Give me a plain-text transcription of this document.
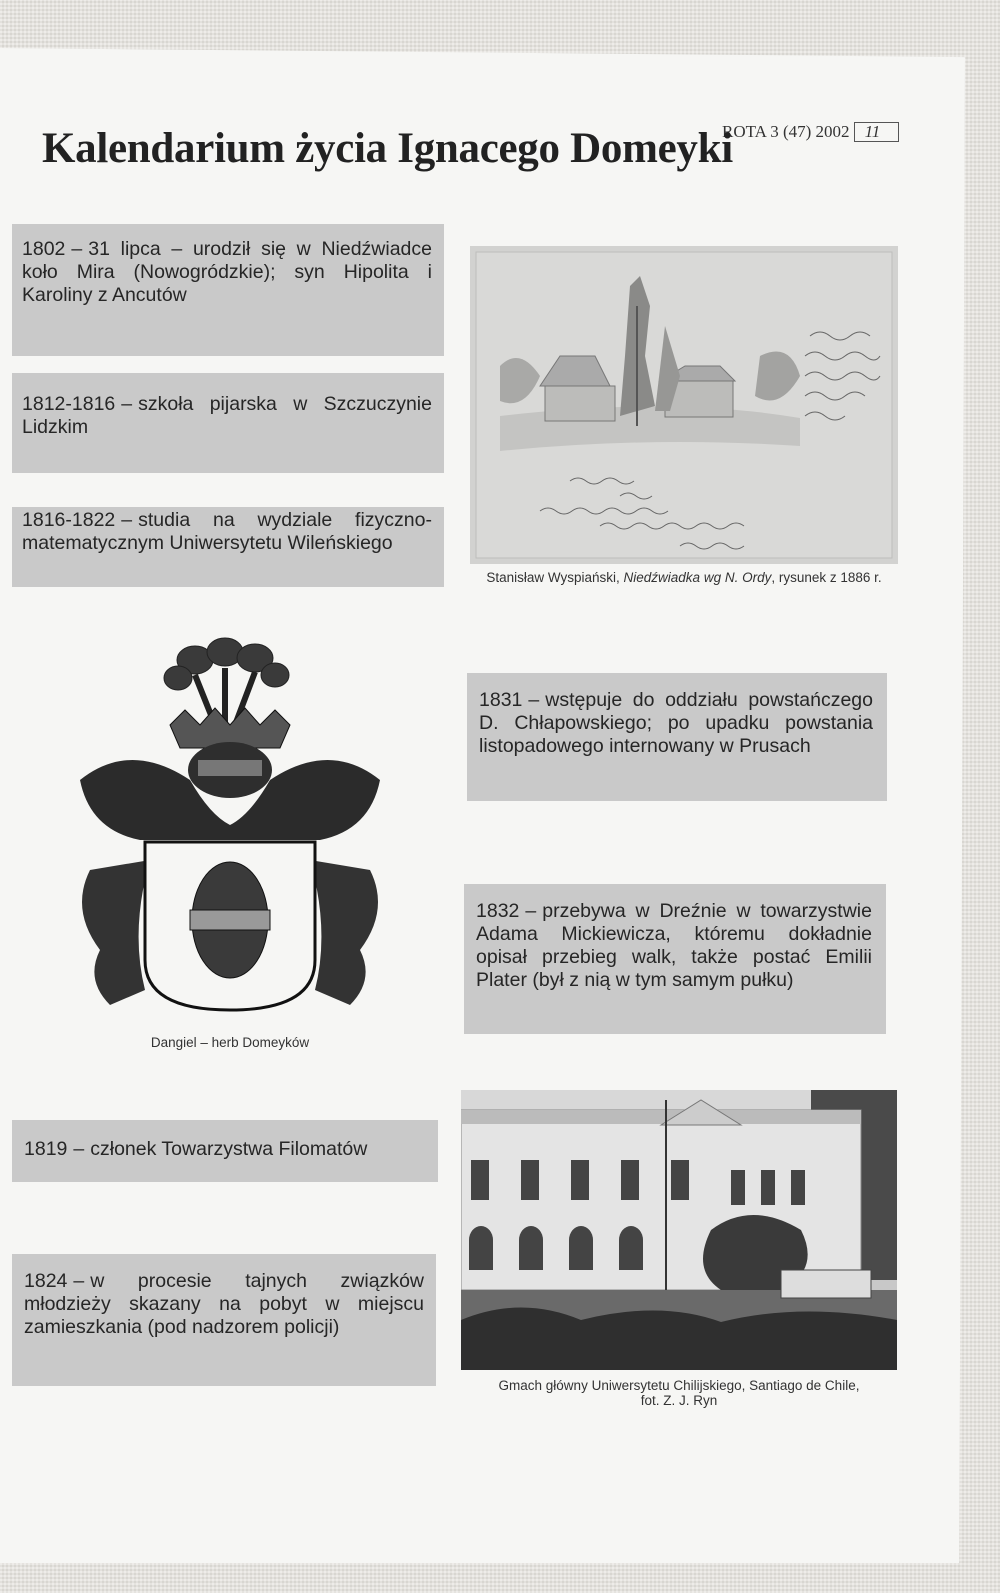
ROTA 3 (47) 2002 11
Kalendarium życia Ignacego Domeyki
1802 – 31 lipca – urodził się w Niedźwiadce koło Mira (Nowogródzkie); syn Hipolita i Karoliny z Ancutów
1812-1816 – szkoła pijarska w Szczuczynie Lidzkim
1816-1822 – studia na wydziale fizyczno-matematycznym Uniwersytetu Wileńskiego
1819 – członek Towarzystwa Filomatów
1824 – w procesie tajnych związków młodzieży skazany na pobyt w miejscu zamieszkania (pod nadzorem policji)
1831 – wstępuje do oddziału powstańczego D. Chłapowskiego; po upadku powstania listopadowego internowany w Prusach
1832 – przebywa w Dreźnie w towarzystwie Adama Mickiewicza, któremu dokładnie opisał przebieg walk, także postać Emilii Plater (był z nią w tym samym pułku)
Stanisław Wyspiański, Niedźwiadka wg N. Ordy, rysunek z 1886 r.
Dangiel – herb Domeyków
Gmach główny Uniwersytetu Chilijskiego, Santiago de Chile,
fot. Z. J. Ryn
